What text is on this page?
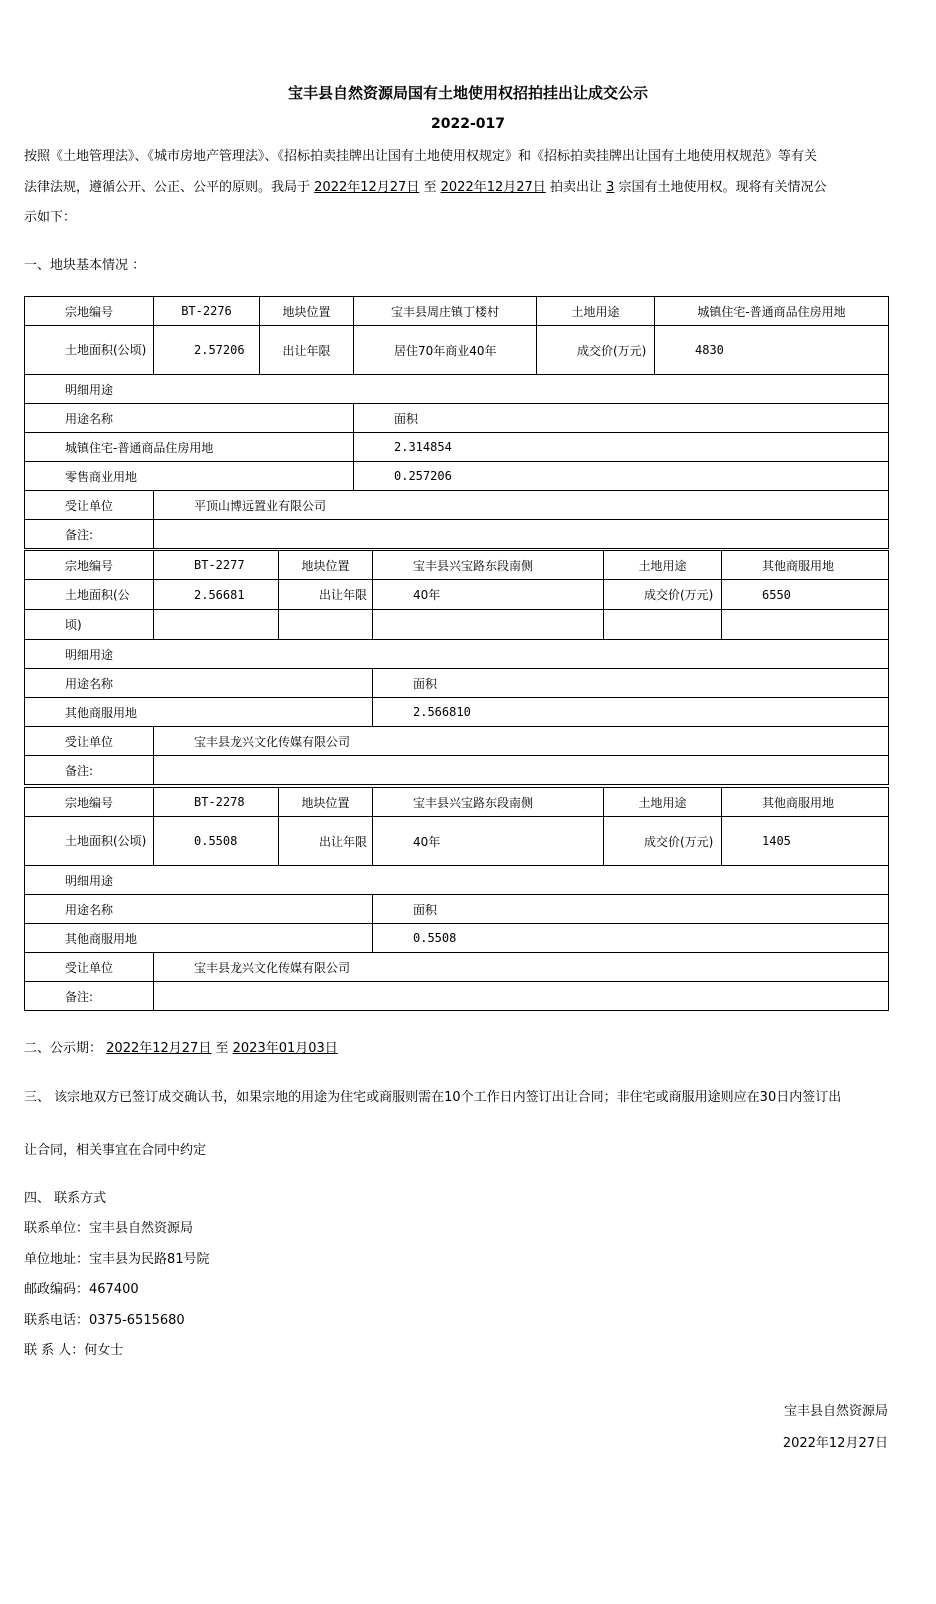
宝丰县自然资源局国有土地使用权招拍挂出让成交公示
2022-017
按照《土地管理法》、《城市房地产管理法》、《招标拍卖挂牌出让国有土地使用权规定》和《招标拍卖挂牌出让国有土地使用权规范》等有关
法律法规，遵循公开、公正、公平的原则。我局于 2022年12月27日 至 2022年12月27日 拍卖出让 3 宗国有土地使用权。现将有关情况公
示如下：
一、地块基本情况 ：
宗地编号	BT-2276	地块位置	宝丰县周庄镇丁楼村	土地用途	城镇住宅-普通商品住房用地
土地面积(公顷)	2.57206	出让年限	居住70年商业40年	成交价(万元)	4830
明细用途					
用途名称			面积		
城镇住宅-普通商品住房用地			2.314854		
零售商业用地			0.257206		
受让单位	平顶山博远置业有限公司				
备注:					
宗地编号	BT-2277	地块位置	宝丰县兴宝路东段南侧	土地用途	其他商服用地
土地面积(公	2.56681	出让年限	40年	成交价(万元)	6550
顷)					
明细用途					
用途名称			面积		
其他商服用地			2.566810		
受让单位	宝丰县龙兴文化传媒有限公司				
备注:					
宗地编号	BT-2278	地块位置	宝丰县兴宝路东段南侧	土地用途	其他商服用地
土地面积(公顷)	0.5508	出让年限	40年	成交价(万元)	1405
明细用途					
用途名称			面积		
其他商服用地			0.5508		
受让单位	宝丰县龙兴文化传媒有限公司				
备注:					
二、公示期： 2022年12月27日 至 2023年01月03日
三、 该宗地双方已签订成交确认书，如果宗地的用途为住宅或商服则需在10个工作日内签订出让合同；非住宅或商服用途则应在30日内签订出
让合同，相关事宜在合同中约定
四、 联系方式
联系单位：宝丰县自然资源局
单位地址：宝丰县为民路81号院
邮政编码：467400
联系电话：0375-6515680
联 系 人：何女士
宝丰县自然资源局
2022年12月27日
